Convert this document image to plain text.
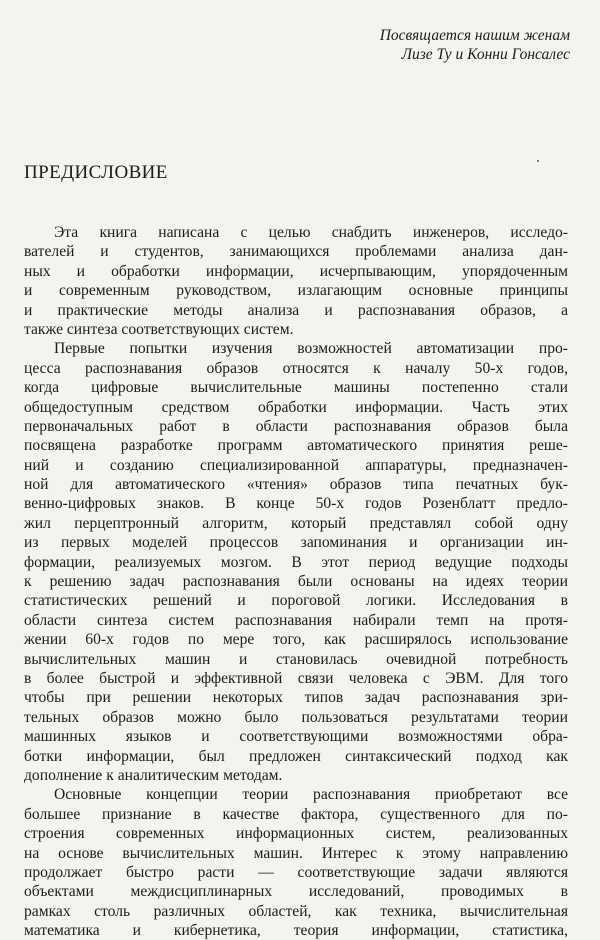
Посвящается нашим женам
Лизе Ту и Конни Гонсалес
ПРЕДИСЛОВИЕ
Эта книга написана с целью снабдить инженеров, исследо-
вателей и студентов, занимающихся проблемами анализа дан-
ных и обработки информации, исчерпывающим, упорядоченным
и современным руководством, излагающим основные принципы
и практические методы анализа и распознавания образов, а
также синтеза соответствующих систем.
Первые попытки изучения возможностей автоматизации про-
цесса распознавания образов относятся к началу 50-х годов,
когда цифровые вычислительные машины постепенно стали
общедоступным средством обработки информации. Часть этих
первоначальных работ в области распознавания образов была
посвящена разработке программ автоматического принятия реше-
ний и созданию специализированной аппаратуры, предназначен-
ной для автоматического «чтения» образов типа печатных бук-
венно-цифровых знаков. В конце 50-х годов Розенблатт предло-
жил перцептронный алгоритм, который представлял собой одну
из первых моделей процессов запоминания и организации ин-
формации, реализуемых мозгом. В этот период ведущие подходы
к решению задач распознавания были основаны на идеях теории
статистических решений и пороговой логики. Исследования в
области синтеза систем распознавания набирали темп на протя-
жении 60-х годов по мере того, как расширялось использование
вычислительных машин и становилась очевидной потребность
в более быстрой и эффективной связи человека с ЭВМ. Для того
чтобы при решении некоторых типов задач распознавания зри-
тельных образов можно было пользоваться результатами теории
машинных языков и соответствующими возможностями обра-
ботки информации, был предложен синтаксический подход как
дополнение к аналитическим методам.
Основные концепции теории распознавания приобретают все
большее признание в качестве фактора, существенного для по-
строения современных информационных систем, реализованных
на основе вычислительных машин. Интерес к этому направлению
продолжает быстро расти — соответствующие задачи являются
объектами междисциплинарных исследований, проводимых в
рамках столь различных областей, как техника, вычислительная
математика и кибернетика, теория информации, статистика,
